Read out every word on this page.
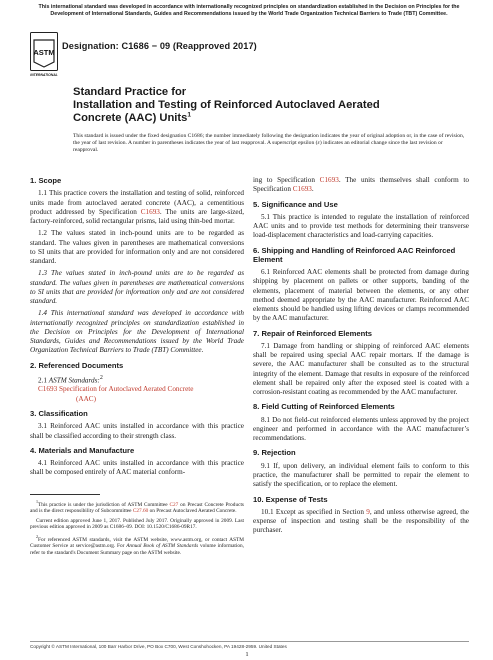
This international standard was developed in accordance with internationally recognized principles on standardization established in the Decision on Principles for the Development of International Standards, Guides and Recommendations issued by the World Trade Organization Technical Barriers to Trade (TBT) Committee.
ASTM
INTERNATIONAL
Designation: C1686 − 09 (Reapproved 2017)
Standard Practice for
Installation and Testing of Reinforced Autoclaved Aerated
Concrete (AAC) Units$^1$
This standard is issued under the fixed designation C1686; the number immediately following the designation indicates the year of original adoption or, in the case of revision, the year of last revision. A number in parentheses indicates the year of last reapproval. A superscript epsilon (ε) indicates an editorial change since the last revision or reapproval.
1. Scope

1.1 This practice covers the installation and testing of solid, reinforced units made from autoclaved aerated concrete (AAC), a cementitious product addressed by Specification C1693. The units are large-sized, factory-reinforced, solid rectangular prisms, laid using thin-bed mortar.

1.2 The values stated in inch-pound units are to be regarded as standard. The values given in parentheses are mathematical conversions to SI units that are provided for information only and are not considered standard.

1.3 The values stated in inch-pound units are to be regarded as standard. The values given in parentheses are mathematical conversions to SI units that are provided for information only and are not considered standard.

1.4 This international standard was developed in accordance with internationally recognized principles on standardization established in the Decision on Principles for the Development of International Standards, Guides and Recommendations issued by the World Trade Organization Technical Barriers to Trade (TBT) Committee.

2. Referenced Documents
2.1 ASTM Standards:$^2$
C1693 Specification for Autoclaved Aerated Concrete
(AAC)
3. Classification

3.1 Reinforced AAC units installed in accordance with this practice shall be classified according to their strength class.

4. Materials and Manufacture

4.1 Reinforced AAC units installed in accordance with this practice shall be composed entirely of AAC material conform-

$^1$This practice is under the jurisdiction of ASTM Committee C27 on Precast Concrete Products and is the direct responsibility of Subcommittee C27.60 on Precast Autoclaved Aerated Concrete.

Current edition approved June 1, 2017. Published July 2017. Originally approved in 2009. Last previous edition approved in 2009 as C1686–09. DOI: 10.1520/C1686-09R17.

$^2$For referenced ASTM standards, visit the ASTM website, www.astm.org, or contact ASTM Customer Service at service@astm.org. For Annual Book of ASTM Standards volume information, refer to the standard's Document Summary page on the ASTM website.

ing to Specification C1693. The units themselves shall conform to Specification C1693.

5. Significance and Use

5.1 This practice is intended to regulate the installation of reinforced AAC units and to provide test methods for determining their transverse load-displacement characteristics and load-carrying capacities.

6. Shipping and Handling of Reinforced AAC Reinforced Element

6.1 Reinforced AAC elements shall be protected from damage during shipping by placement on pallets or other supports, banding of the elements, placement of material between the elements, or any other method deemed appropriate by the AAC manufacturer. Reinforced AAC elements should be handled using lifting devices or clamps recommended by the AAC manufacturer.

7. Repair of Reinforced Elements

7.1 Damage from handling or shipping of reinforced AAC elements shall be repaired using special AAC repair mortars. If the damage is severe, the AAC manufacturer shall be consulted as to the structural integrity of the element. Damage that results in exposure of the reinforced element shall be repaired only after the exposed steel is coated with a corrosion-resistant coating as recommended by the AAC manufacturer.

8. Field Cutting of Reinforced Elements

8.1 Do not field-cut reinforced elements unless approved by the project engineer and performed in accordance with the AAC manufacturer’s recommendations.

9. Rejection

9.1 If, upon delivery, an individual element fails to conform to this practice, the manufacturer shall be permitted to repair the element to satisfy the specification, or to replace the element.

10. Expense of Tests

10.1 Except as specified in Section 9, and unless otherwise agreed, the expense of inspection and testing shall be the responsibility of the purchaser.

Copyright © ASTM International, 100 Barr Harbor Drive, PO Box C700, West Conshohocken, PA 19428-2959. United States
1
